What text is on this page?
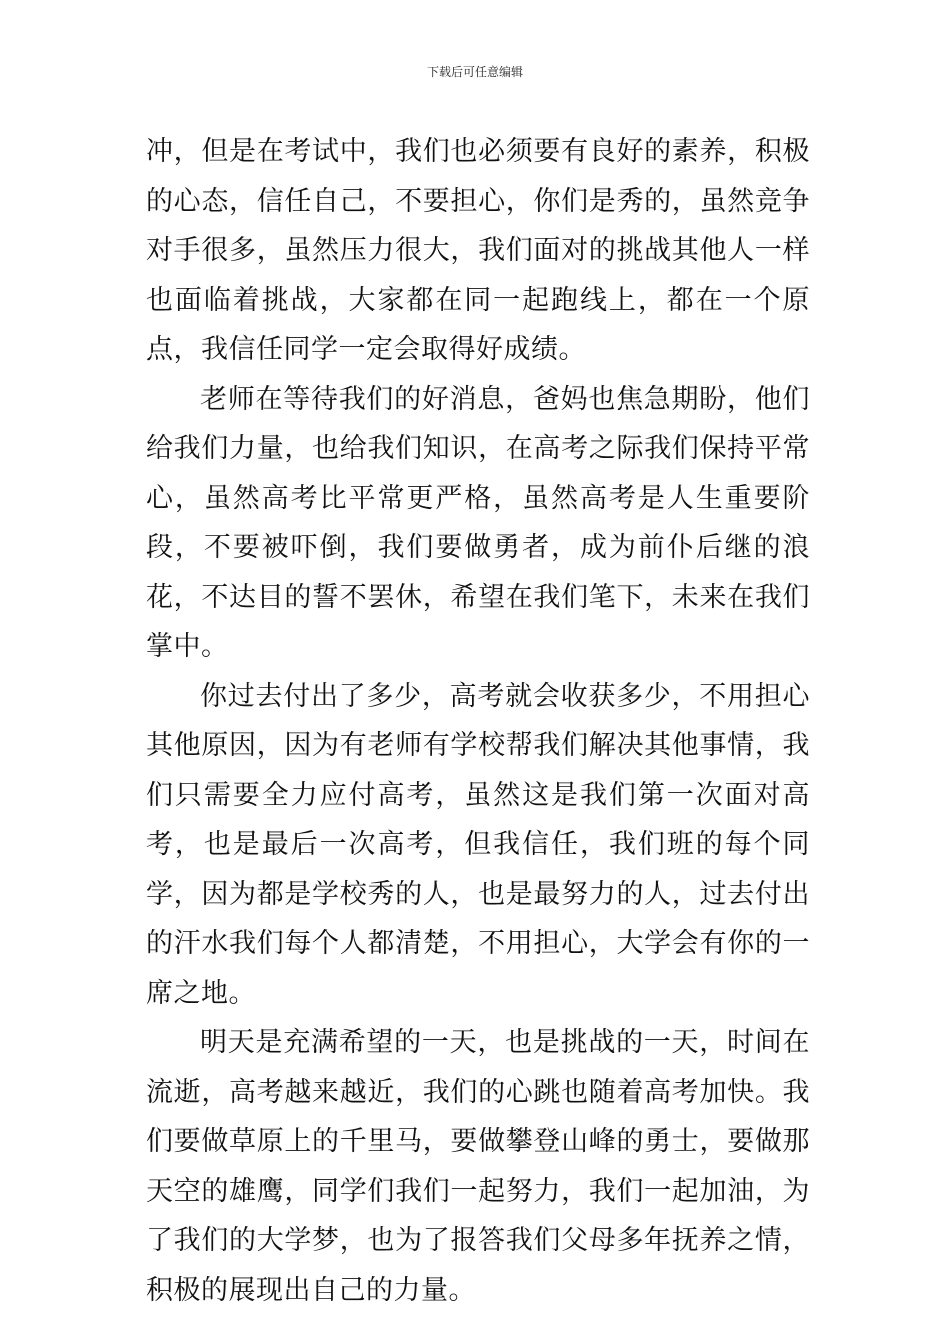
下载后可任意编辑

冲，但是在考试中，我们也必须要有良好的素养，积极的心态，信任自己，不要担心，你们是秀的，虽然竞争对手很多，虽然压力很大，我们面对的挑战其他人一样也面临着挑战，大家都在同一起跑线上，都在一个原点，我信任同学一定会取得好成绩。

老师在等待我们的好消息，爸妈也焦急期盼，他们给我们力量，也给我们知识，在高考之际我们保持平常心，虽然高考比平常更严格，虽然高考是人生重要阶段，不要被吓倒，我们要做勇者，成为前仆后继的浪花，不达目的誓不罢休，希望在我们笔下，未来在我们掌中。

你过去付出了多少，高考就会收获多少，不用担心其他原因，因为有老师有学校帮我们解决其他事情，我们只需要全力应付高考，虽然这是我们第一次面对高考，也是最后一次高考，但我信任，我们班的每个同学，因为都是学校秀的人，也是最努力的人，过去付出的汗水我们每个人都清楚，不用担心，大学会有你的一席之地。

明天是充满希望的一天，也是挑战的一天，时间在流逝，高考越来越近，我们的心跳也随着高考加快。我们要做草原上的千里马，要做攀登山峰的勇士，要做那天空的雄鹰，同学们我们一起努力，我们一起加油，为了我们的大学梦，也为了报答我们父母多年抚养之情，积极的展现出自己的力量。
